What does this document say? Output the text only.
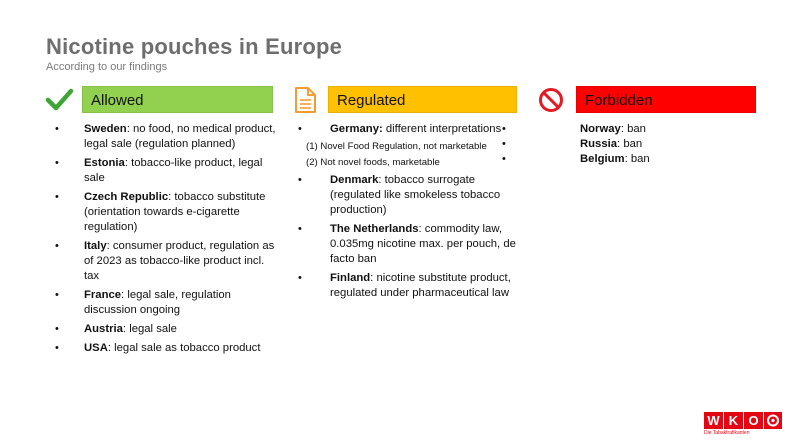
Nicotine pouches in Europe
According to our findings
Allowed
• Sweden: no food, no medical product, legal sale (regulation planned)
• Estonia: tobacco-like product, legal sale
• Czech Republic: tobacco substitute (orientation towards e-cigarette regulation)
• Italy: consumer product, regulation as of 2023 as tobacco-like product incl. tax
• France: legal sale, regulation discussion ongoing
• Austria: legal sale
• USA: legal sale as tobacco product
Regulated
• Germany: different interpretations
(1) Novel Food Regulation, not marketable
(2) Not novel foods, marketable
• Denmark: tobacco surrogate (regulated like smokeless tobacco production)
• The Netherlands: commodity law, 0.035mg nicotine max. per pouch, de facto ban
• Finland: nicotine substitute product, regulated under pharmaceutical law
Forbidden
• Norway: ban
• Russia: ban
• Belgium: ban
W K O
Die Tabaktrafikanten
